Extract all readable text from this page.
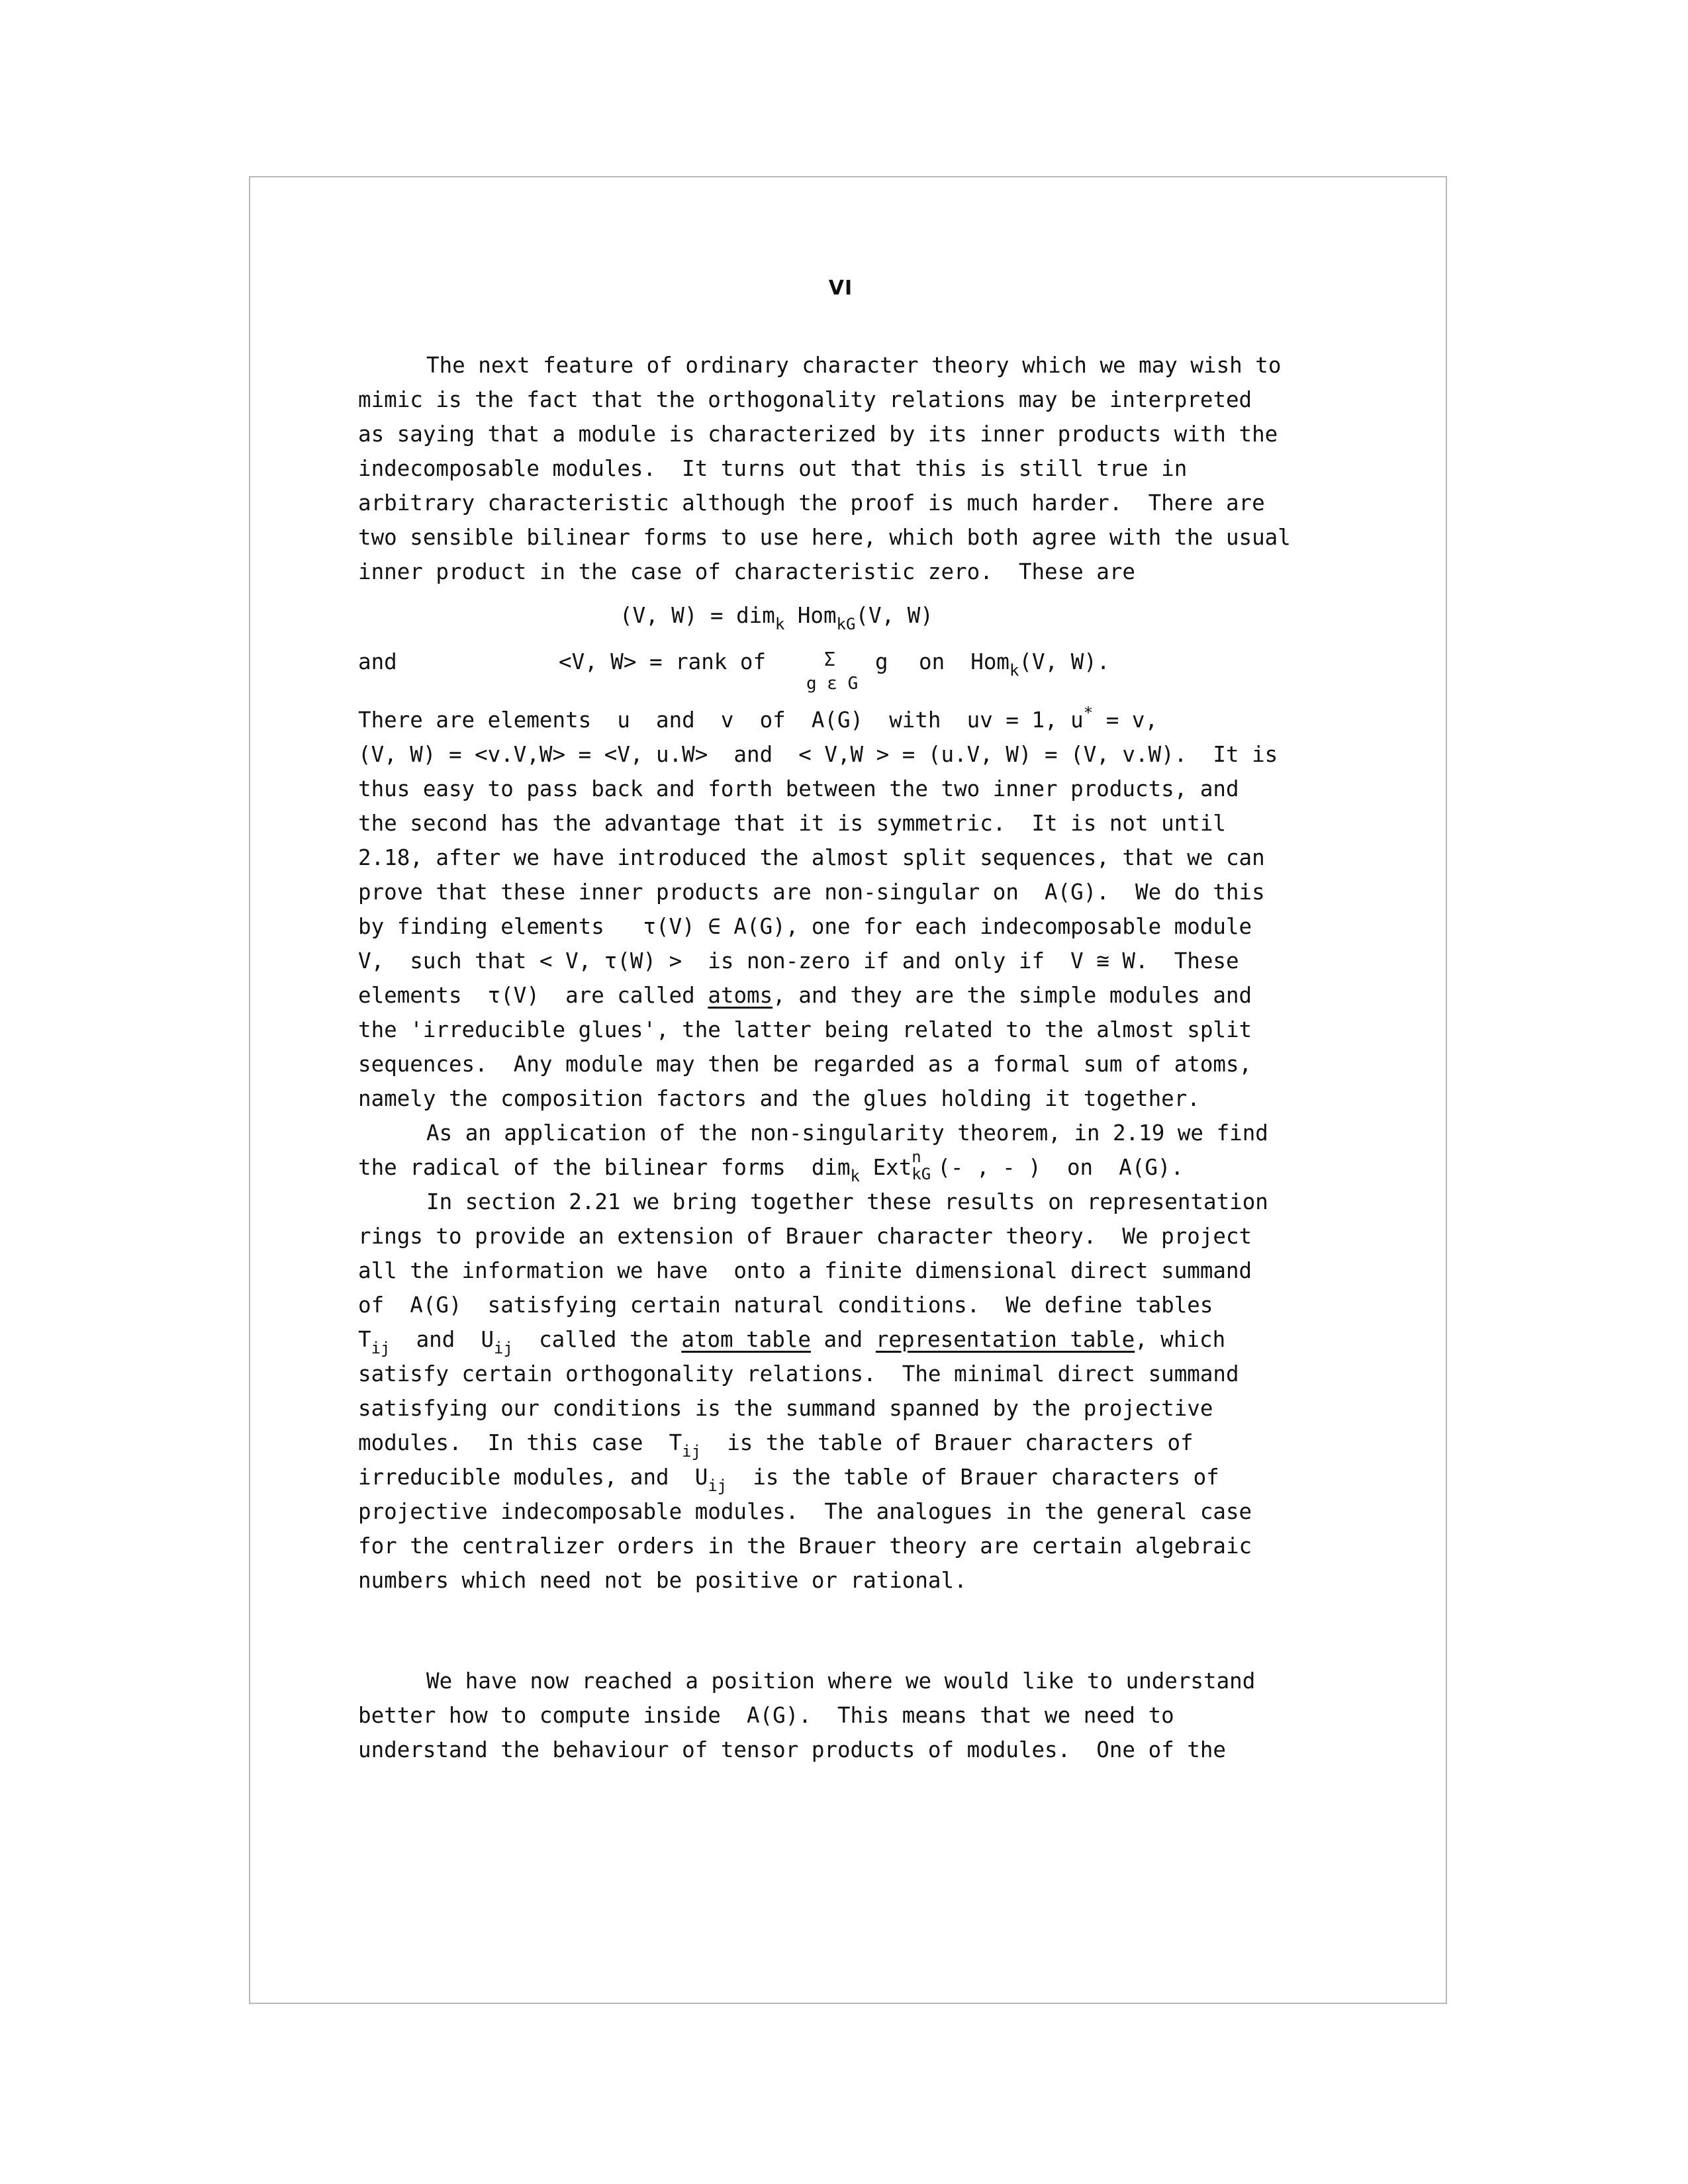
VI
The next feature of ordinary character theory which we may wish to
mimic is the fact that the orthogonality relations may be interpreted
as saying that a module is characterized by its inner products with the
indecomposable modules.  It turns out that this is still true in
arbitrary characteristic although the proof is much harder.  There are
two sensible bilinear forms to use here, which both agree with the usual
inner product in the case of characteristic zero.  These are
(V, W) = dim$_k$ Hom$_{kG}$(V, W)
and	<V, W> = rank of	Σ g
g ε G
on  Hom$_k$(V, W).
There are elements  u  and  v  of  A(G)  with  uv = 1, u* = v,
(V, W) = <v.V,W> = <V, u.W>  and  < V,W > = (u.V, W) = (V, v.W).  It is
thus easy to pass back and forth between the two inner products, and
the second has the advantage that it is symmetric.  It is not until
2.18, after we have introduced the almost split sequences, that we can
prove that these inner products are non-singular on  A(G).  We do this
by finding elements   τ(V) ∈ A(G), one for each indecomposable module
V,  such that < V, τ(W) >  is non-zero if and only if  V ≅ W.  These
elements  τ(V)  are called atoms, and they are the simple modules and
the 'irreducible glues', the latter being related to the almost split
sequences.  Any module may then be regarded as a formal sum of atoms,
namely the composition factors and the glues holding it together.
As an application of the non-singularity theorem, in 2.19 we find
the radical of the bilinear forms  dim$_k$ Ext n
kG (- , - )  on  A(G).
In section 2.21 we bring together these results on representation
rings to provide an extension of Brauer character theory.  We project
all the information we have  onto a finite dimensional direct summand
of  A(G)  satisfying certain natural conditions.  We define tables
$T_{ij}$  and  $U_{ij}$  called the atom table and representation table, which
satisfy certain orthogonality relations.  The minimal direct summand
satisfying our conditions is the summand spanned by the projective
modules.  In this case  $T_{ij}$  is the table of Brauer characters of
irreducible modules, and  $U_{ij}$  is the table of Brauer characters of
projective indecomposable modules.  The analogues in the general case
for the centralizer orders in the Brauer theory are certain algebraic
numbers which need not be positive or rational.
We have now reached a position where we would like to understand
better how to compute inside  A(G).  This means that we need to
understand the behaviour of tensor products of modules.  One of the
